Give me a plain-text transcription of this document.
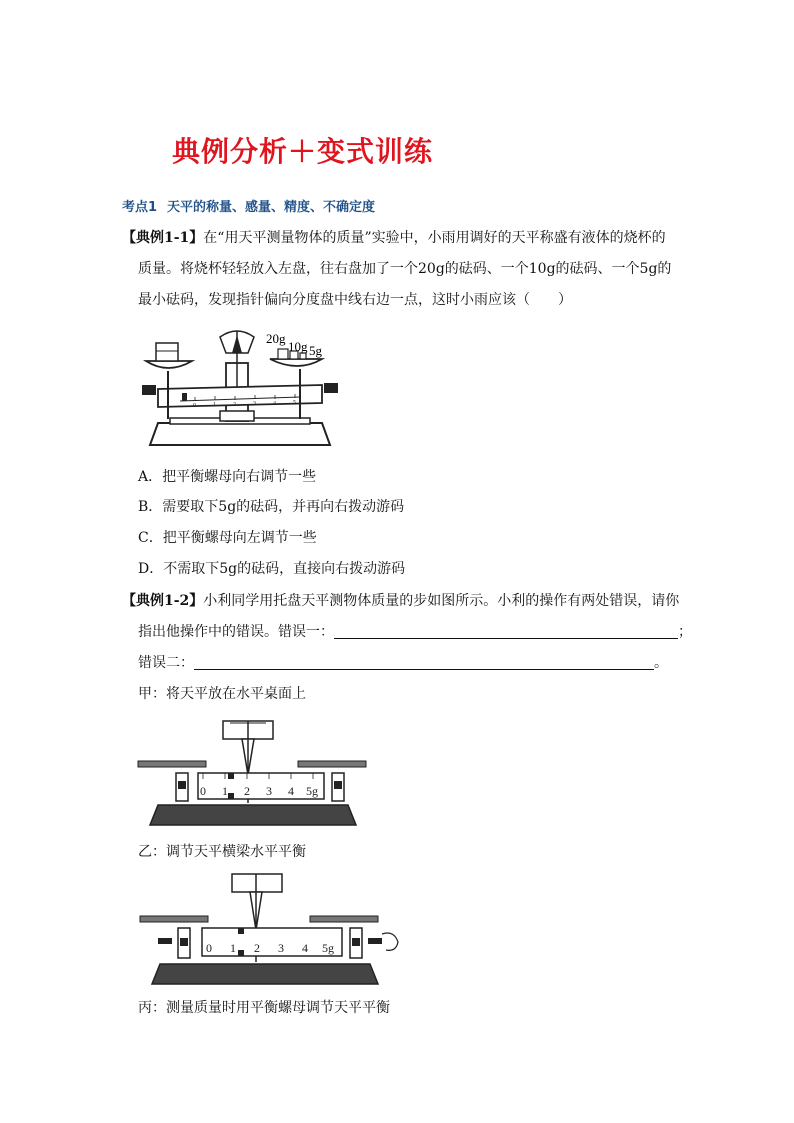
典例分析＋变式训练
考点1 天平的称量、感量、精度、不确定度
【典例1-1】在“用天平测量物体的质量”实验中，小雨用调好的天平称盛有液体的烧杯的
质量。将烧杯轻轻放入左盘，往右盘加了一个20g的砝码、一个10g的砝码、一个5g的
最小砝码，发现指针偏向分度盘中线右边一点，这时小雨应该（　　）
0	1	2	3	4	5
20g
10g 5g
A．把平衡螺母向右调节一些
B．需要取下5g的砝码，并再向右拨动游码
C．把平衡螺母向左调节一些
D．不需取下5g的砝码，直接向右拨动游码
【典例1-2】小利同学用托盘天平测物体质量的步如图所示。小利的操作有两处错误，请你
指出他操作中的错误。错误一：	；
错误二：	。
甲：将天平放在水平桌面上
0 1 2 3 4 5g
乙：调节天平横梁水平平衡
0 1 2 3 4 5g
丙：测量质量时用平衡螺母调节天平平衡
